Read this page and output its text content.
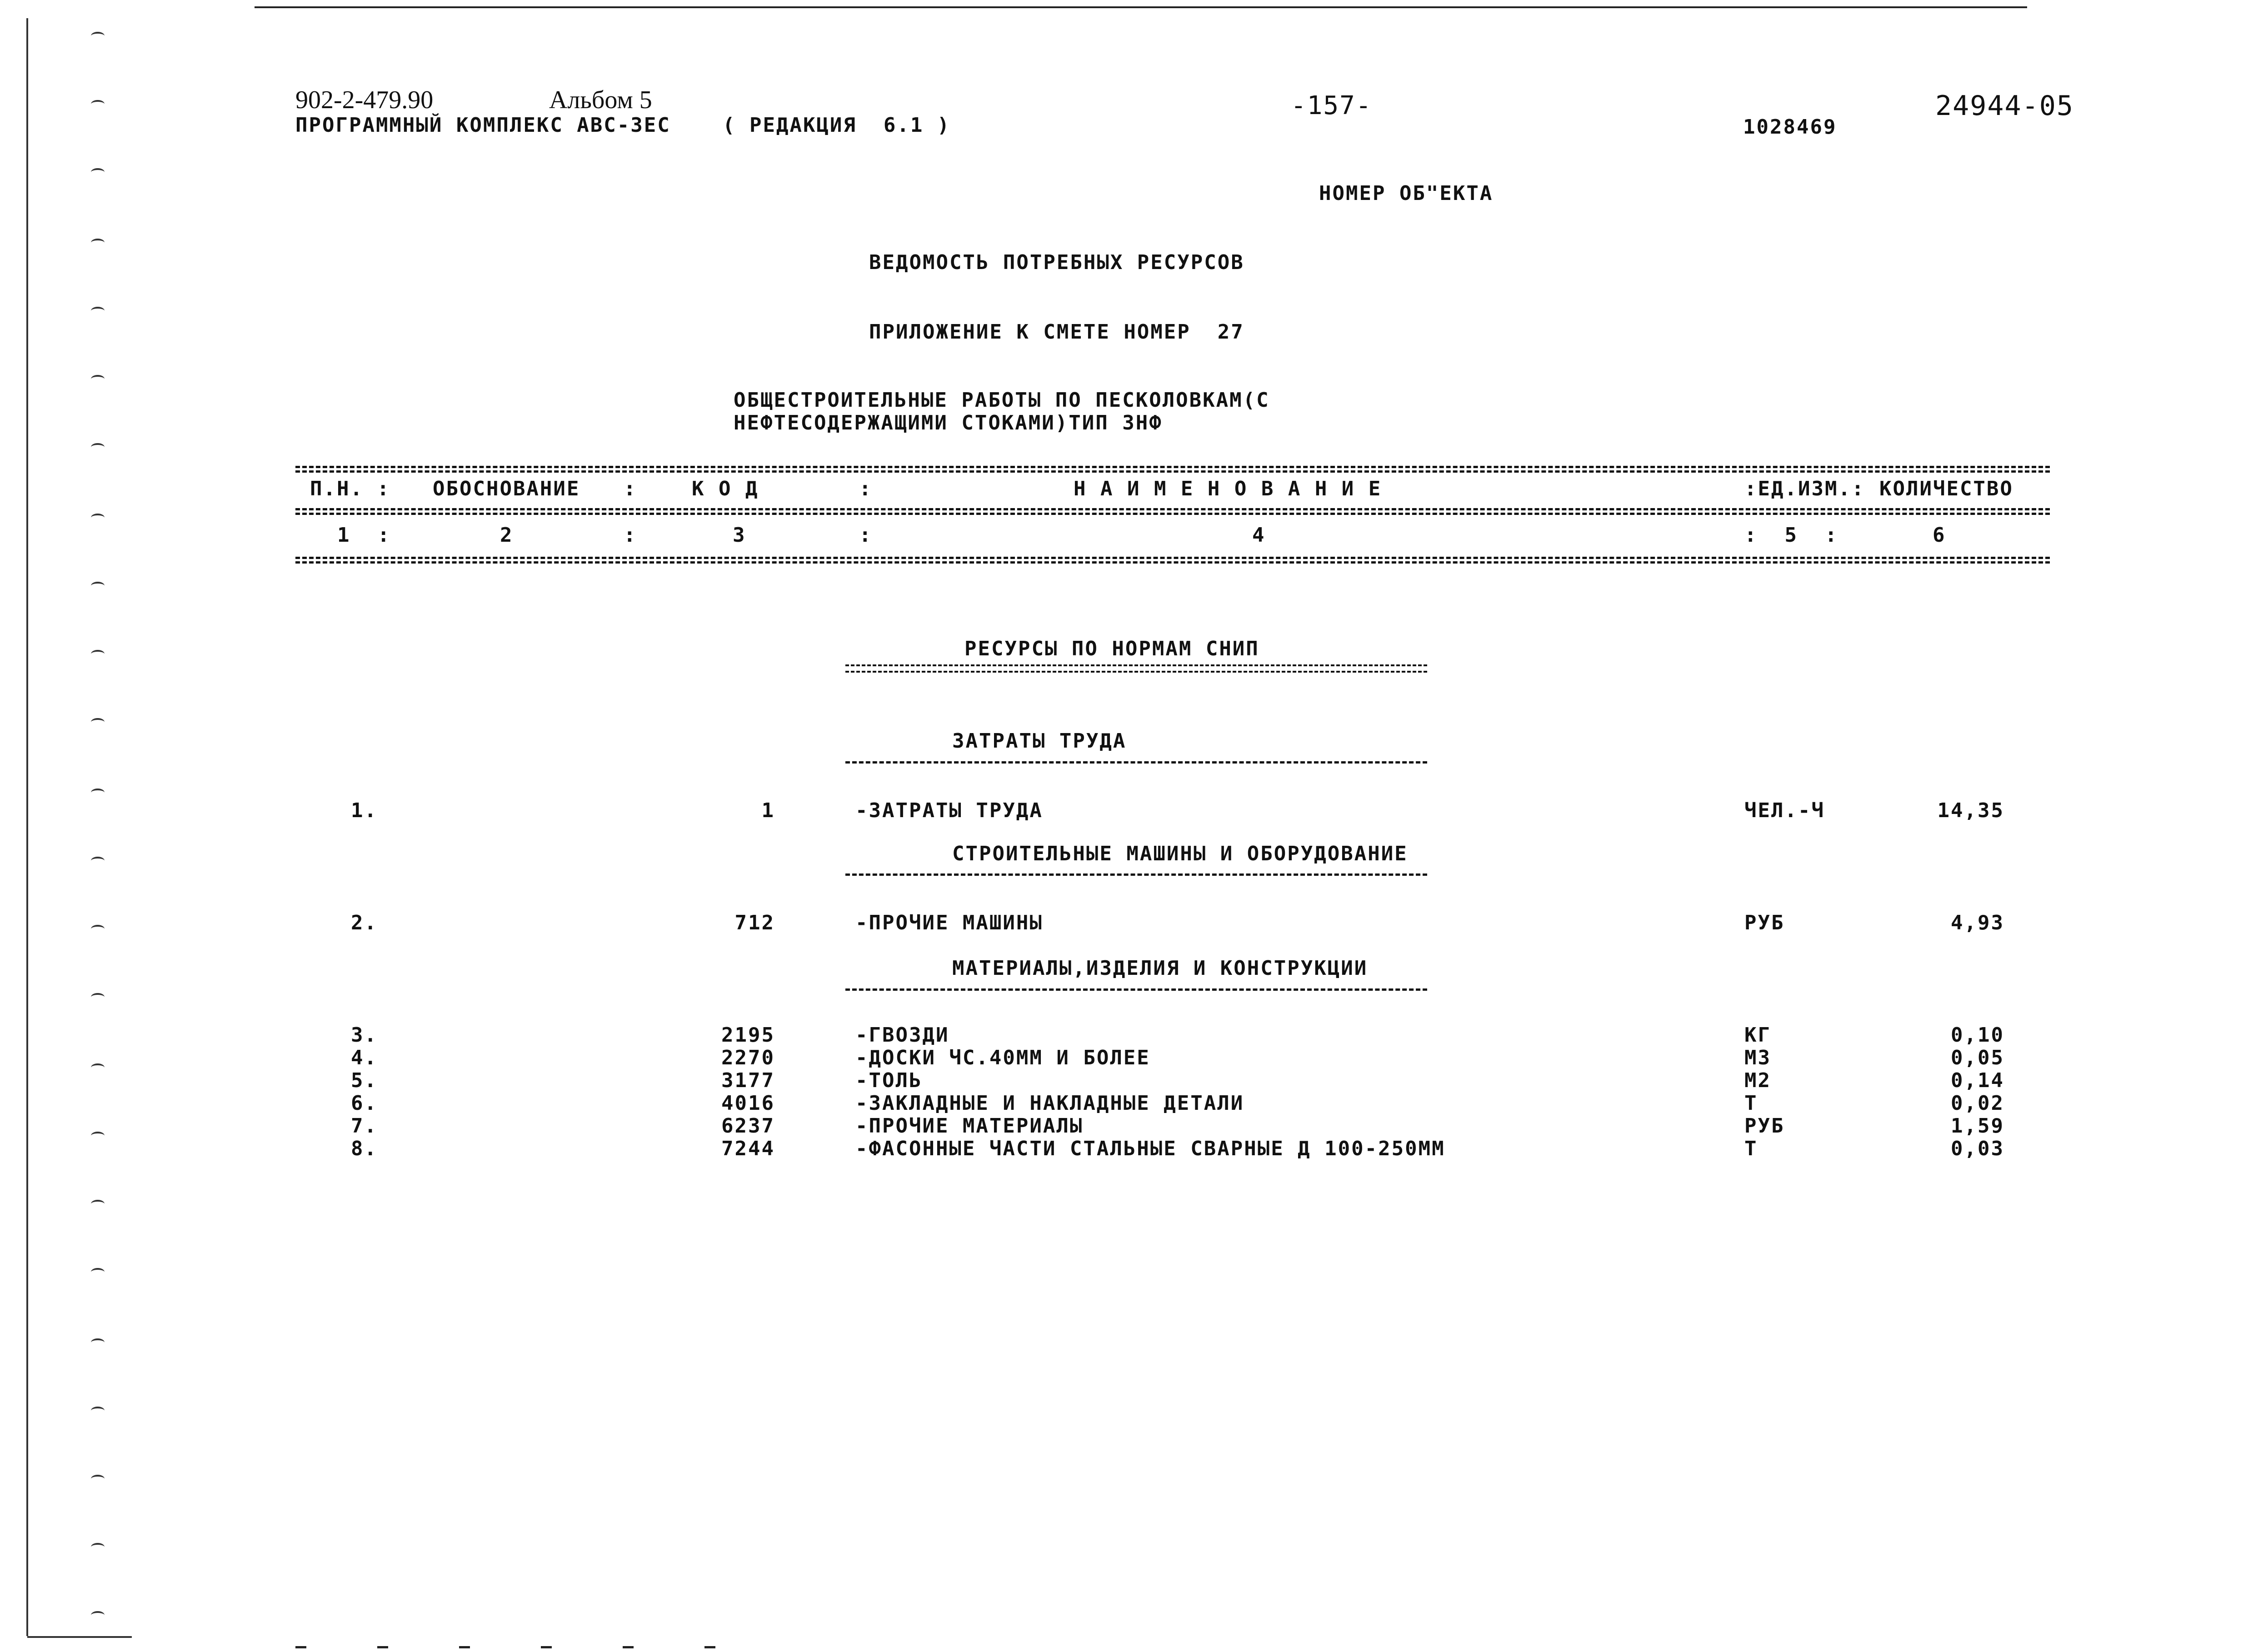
902-2-479.90	Альбом 5
ПРОГРАММНЫЙ КОМПЛЕКС АВС-ЗЕС	( РЕДАКЦИЯ  6.1 )
-157-
1028469
24944-05
НОМЕР ОБ"ЕКТА
ВЕДОМОСТЬ ПОТРЕБНЫХ РЕСУРСОВ
ПРИЛОЖЕНИЕ К СМЕТЕ НОМЕР  27
ОБЩЕСТРОИТЕЛЬНЫЕ РАБОТЫ ПО ПЕСКОЛОВКАМ(С
НЕФТЕСОДЕРЖАЩИМИ СТОКАМИ)ТИП ЗНФ
П.Н. : ОБОСНОВАНИЕ :	К О Д	:	Н А И М Е Н О В А Н И Е	:ЕД.ИЗМ.: КОЛИЧЕСТВО
1  :	2	:	3	:	4	:  5  :	6
РЕСУРСЫ ПО НОРМАМ СНИП
ЗАТРАТЫ ТРУДА
1.	1	-ЗАТРАТЫ ТРУДА	ЧЕЛ.-Ч	14,35
СТРОИТЕЛЬНЫЕ МАШИНЫ И ОБОРУДОВАНИЕ
2.	712	-ПРОЧИЕ МАШИНЫ	РУБ	4,93
МАТЕРИАЛЫ,ИЗДЕЛИЯ И КОНСТРУКЦИИ
3.	2195	-ГВОЗДИ	КГ	0,10
4.	2270	-ДОСКИ ЧС.40ММ И БОЛЕЕ	М3	0,05
5.	3177	-ТОЛЬ	М2	0,14
6.	4016	-ЗАКЛАДНЫЕ И НАКЛАДНЫЕ ДЕТАЛИ	Т	0,02
7.	6237	-ПРОЧИЕ МАТЕРИАЛЫ	РУБ	1,59
8.	7244	-ФАСОННЫЕ ЧАСТИ СТАЛЬНЫЕ СВАРНЫЕ Д 100-250ММ	Т	0,03
